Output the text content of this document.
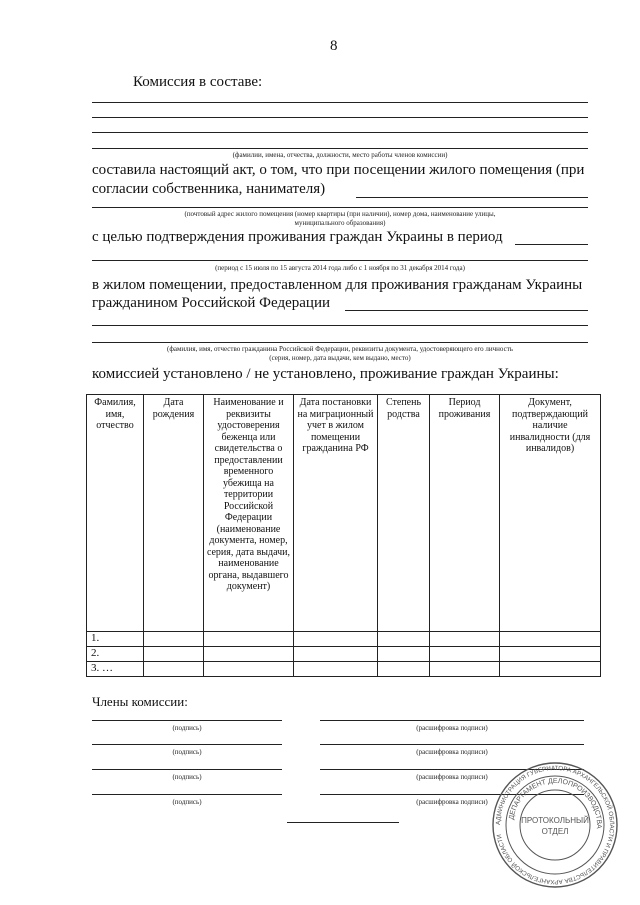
8
Комиссия в составе:
(фамилии, имена, отчества, должности, место работы членов комиссии)
составила настоящий акт, о том, что при посещении жилого помещения (при
согласии собственника, нанимателя)
(почтовый адрес жилого помещения (номер квартиры (при наличии), номер дома, наименование улицы,
муниципального образования)
с целью подтверждения проживания граждан Украины в период
(период с 15 июля по 15 августа 2014 года либо с 1 ноября по 31 декабря 2014 года)
в жилом помещении, предоставленном для проживания гражданам Украины
гражданином Российской Федерации
(фамилия, имя, отчество гражданина Российской Федерации, реквизиты документа, удостоверяющего его личность
(серия, номер, дата выдачи, кем выдано, место)
комиссией установлено / не установлено, проживание граждан Украины:
Фамилия, имя, отчество	Дата рождения	Наименование и реквизиты удостоверения беженца или свидетельства о предоставлении временного убежища на территории Российской Федерации (наименование документа, номер, серия, дата выдачи, наименование органа, выдавшего документ)	Дата постановки на миграционный учет в жилом помещении гражданина РФ	Степень родства	Период проживания	Документ, подтверждающий наличие инвалидности (для инвалидов)
1.						
2.						
3. …						
Члены комиссии:
(подпись)	(расшифровка подписи)
(подпись)	(расшифровка подписи)
(подпись)	(расшифровка подписи)
(подпись)	(расшифровка подписи)
АДМИНИСТРАЦИЯ ГУБЕРНАТОРА АРХАНГЕЛЬСКОЙ ОБЛАСТИ И ПРАВИТЕЛЬСТВА АРХАНГЕЛЬСКОЙ ОБЛАСТИ
ДЕПАРТАМЕНТ ДЕЛОПРОИЗВОДСТВА
ПРОТОКОЛЬНЫЙ
ОТДЕЛ
